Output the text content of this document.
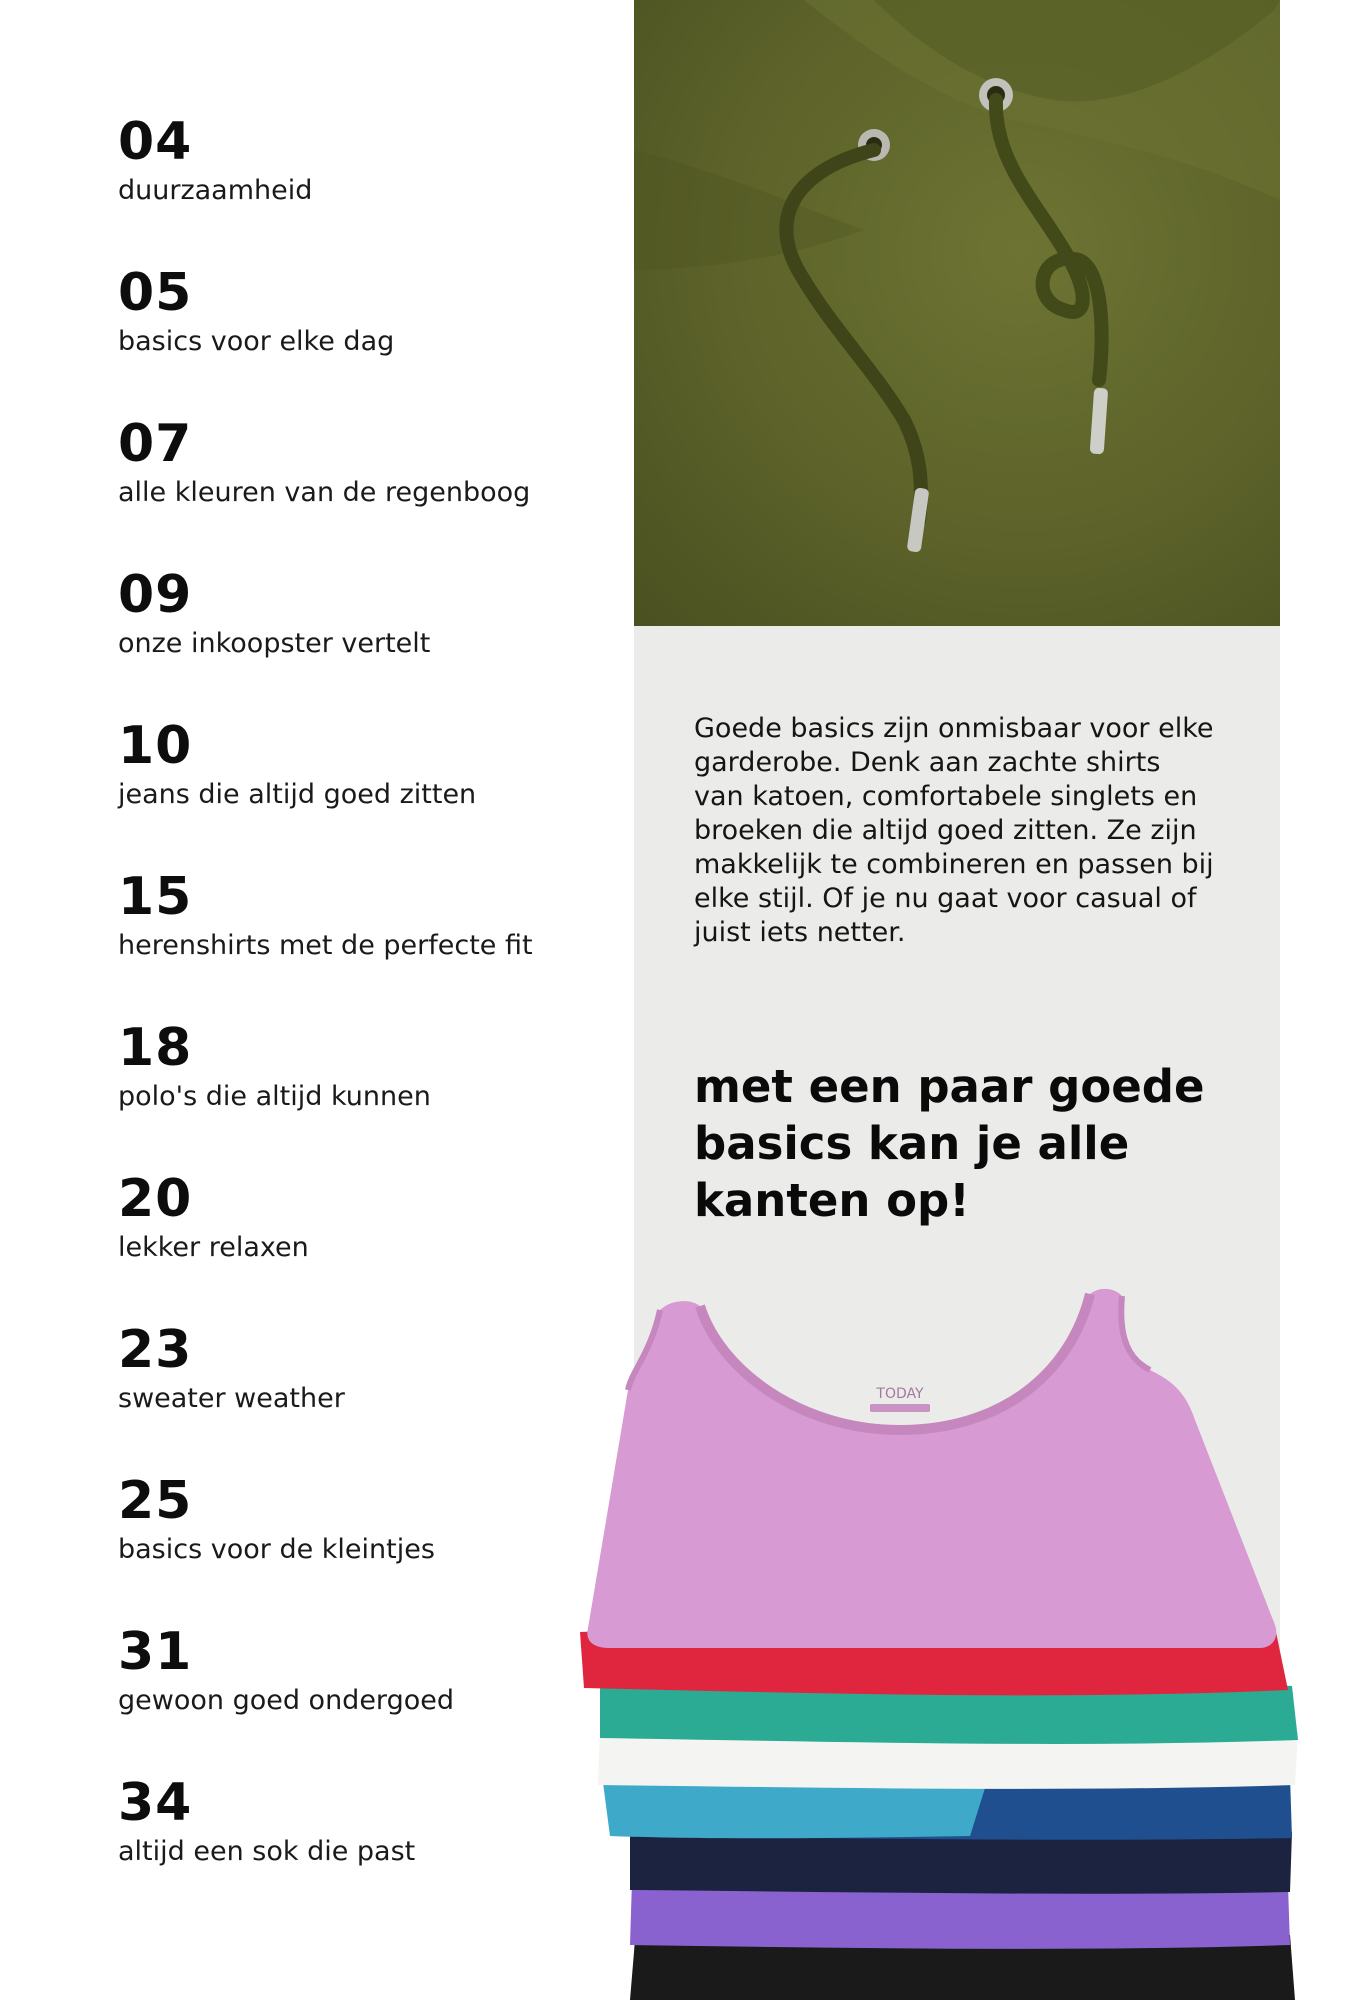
04
duurzaamheid
05
basics voor elke dag
07
alle kleuren van de regenboog
09
onze inkoopster vertelt
10
jeans die altijd goed zitten
15
herenshirts met de perfecte fit
18
polo's die altijd kunnen
20
lekker relaxen
23
sweater weather
25
basics voor de kleintjes
31
gewoon goed ondergoed
34
altijd een sok die past
Goede basics zijn onmisbaar voor elke
garderobe. Denk aan zachte shirts
van katoen, comfortabele singlets en
broeken die altijd goed zitten. Ze zijn
makkelijk te combineren en passen bij
elke stijl. Of je nu gaat voor casual of
juist iets netter.
met een paar goede
basics kan je alle
kanten op!
TODAY
